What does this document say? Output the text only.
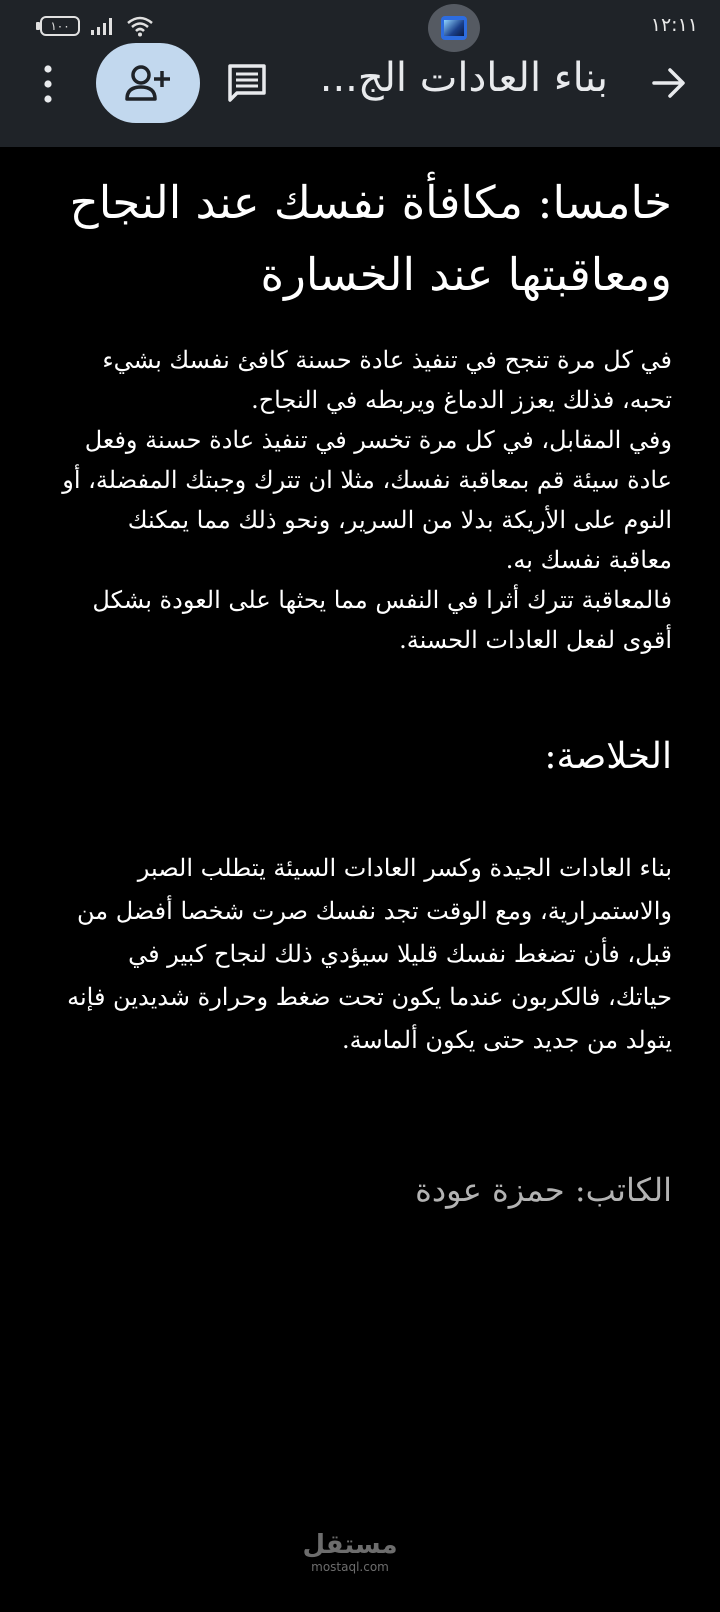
١٠٠	١٢:١١
بناء العادات الج...
خامسا: مكافأة نفسك عند النجاح ومعاقبتها عند الخسارة
في كل مرة تنجح في تنفيذ عادة حسنة كافئ نفسك بشيء تحبه، فذلك يعزز الدماغ ويربطه في النجاح.
وفي المقابل، في كل مرة تخسر في تنفيذ عادة حسنة وفعل عادة سيئة قم بمعاقبة نفسك، مثلا ان تترك وجبتك المفضلة، أو النوم على الأريكة بدلا من السرير، ونحو ذلك مما يمكنك معاقبة نفسك به.
فالمعاقبة تترك أثرا في النفس مما يحثها على العودة بشكل أقوى لفعل العادات الحسنة.
الخلاصة:
بناء العادات الجيدة وكسر العادات السيئة يتطلب الصبر والاستمرارية، ومع الوقت تجد نفسك صرت شخصا أفضل من قبل، فأن تضغط نفسك قليلا سيؤدي ذلك لنجاح كبير في حياتك، فالكربون عندما يكون تحت ضغط وحرارة شديدين فإنه يتولد من جديد حتى يكون ألماسة.
الكاتب: حمزة عودة
مستقل
mostaql.com
